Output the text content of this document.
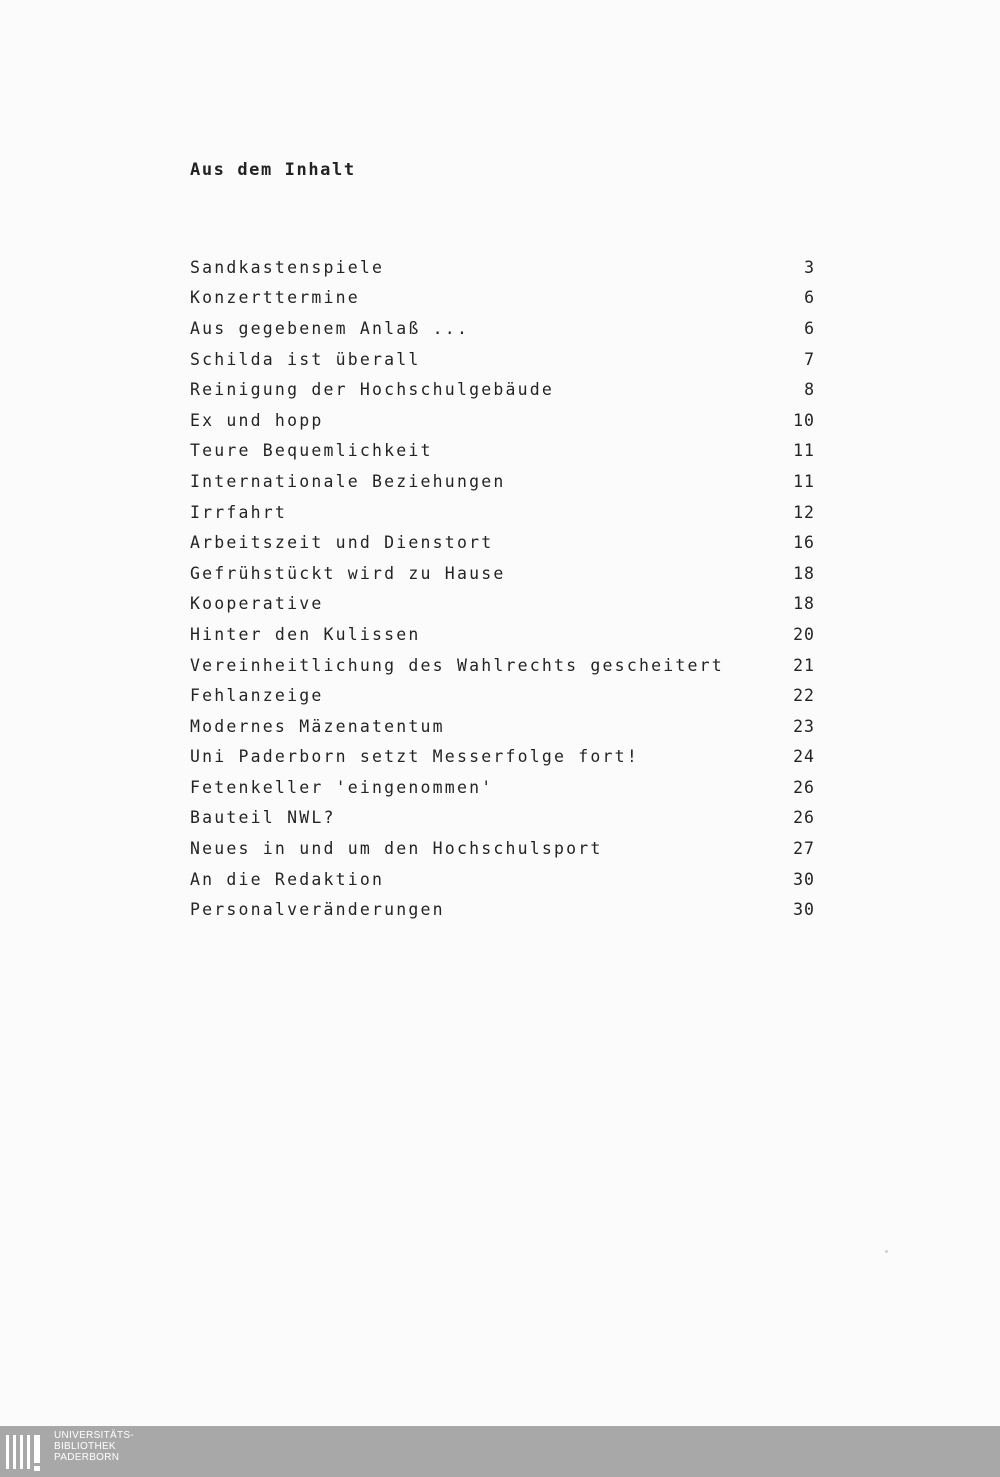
Aus dem Inhalt
Sandkastenspiele	3
Konzerttermine	6
Aus gegebenem Anlaß ...	6
Schilda ist überall	7
Reinigung der Hochschulgebäude	8
Ex und hopp	10
Teure Bequemlichkeit	11
Internationale Beziehungen	11
Irrfahrt	12
Arbeitszeit und Dienstort	16
Gefrühstückt wird zu Hause	18
Kooperative	18
Hinter den Kulissen	20
Vereinheitlichung des Wahlrechts gescheitert	21
Fehlanzeige	22
Modernes Mäzenatentum	23
Uni Paderborn setzt Messerfolge fort!	24
Fetenkeller 'eingenommen'	26
Bauteil NWL?	26
Neues in und um den Hochschulsport	27
An die Redaktion	30
Personalveränderungen	30
UNIVERSITÄTS-
BIBLIOTHEK
PADERBORN
